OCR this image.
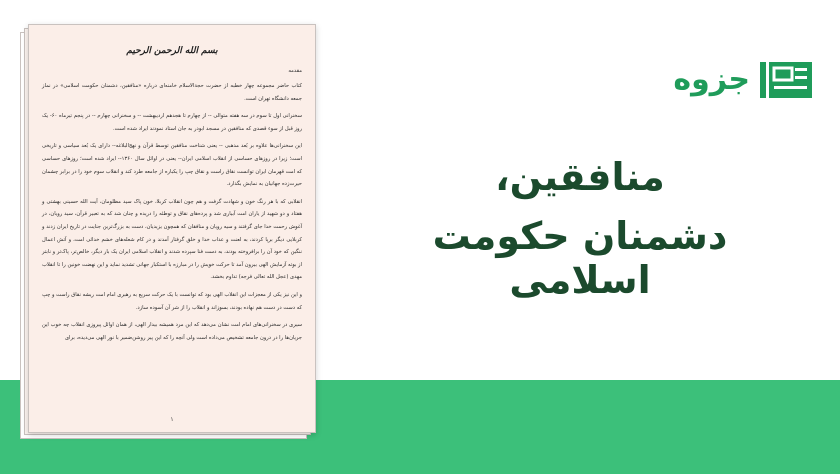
بسم الله الرحمن الرحیم
مقدمه

کتاب حاضر مجموعه چهار خطبه از حضرت حجةالاسلام خامنه‌ای درباره «منافقین، دشمنان حکومت اسلامی» در نماز جمعه دانشگاه تهران است.

سخنرانی اول تا سوم در سه هفته متوالی -- از چهارم تا هجدهم اردیبهشت -- و سخنرانی چهارم -- در پنجم تیرماه ۶۰- یک روز قبل از سوء قصدی که منافقین در مسجد ابوذر به جان استاد نمودند ایراد شده است.

این سخنرانی‌ها علاوه بر بُعد مذهبی -- یعنی شناخت منافقین توسط قرآن و نهج‌البلاغه-- دارای یک بُعد سیاسی و تاریخی است؛ زیرا در روزهای حساسی از انقلاب اسلامی ایران-- یعنی در اوائل سال ۱۳۶۰-- ایراد شده است؛ روزهای حساسی که امت قهرمان ایران توانست نقاق راست و نقاق چپ را یکباره از جامعه طرد کند و انقلاب سوم خود را در برابر چشمان حیرت‌زده جهانیان به نمایش بگذارد.

انقلابی که با هر رنگ خون و شهادت گرفت و هم چون انقلاب کربلا، خون پاک سید مظلومان، آیت الله حسینی بهشتی و هفتاد و دو شهید از یاران امت آبیاری شد و پرده‌های نقاق و توطئه را دریده و چنان شد که به تعبیر قرآن، سید رویان، در آغوش رحمت خدا جای گرفتند و سیه رویان و منافقان که همچون یزیدیان، دست به بزرگ‌ترین جنایت در تاریخ ایران زدند و کربلایی دیگر برپا کردند، به لعنت و عذاب خدا و خلق گرفتار آمدند و در کام شعله‌های خشم خدائی امت، و آتش اعمال ننگین که خود آن را برافروخته بودند، به دست فنا سپرده شدند و انقلاب اسلامی ایران یک بار دیگر، خالص‌تر، پاک‌تر و نابتر از بوته آزمایش الهی بیرون آمد تا حرکت خویش را در مبارزه با استکبار جهانی تشدید نماید و این نهضت خونین را تا انقلاب مهدی (عجل الله تعالی فرجه) تداوم بخشد.

و این نیز یکی از معجزات این انقلاب الهی بود که توانست با یک حرکت سریع به رهبری امام امت ریشه نقاق راست و چپ که دست در دست هم نهاده بودند، بسوزاند و انقلاب را از شر آن آسوده سازد.

سیری در سخنرانی‌های امام امت نشان می‌دهد که این مرد همیشه بیدار الهی، از همان اوائل پیروزی انقلاب چه خوب این جریان‌ها را در درون جامعه تشخیص می‌داده است ولی آنچه را که این پیر روشن‌ضمیر با نور الهی می‌دیده، برای

۱
جزوه
منافقین،
دشمنان حکومت اسلامی
